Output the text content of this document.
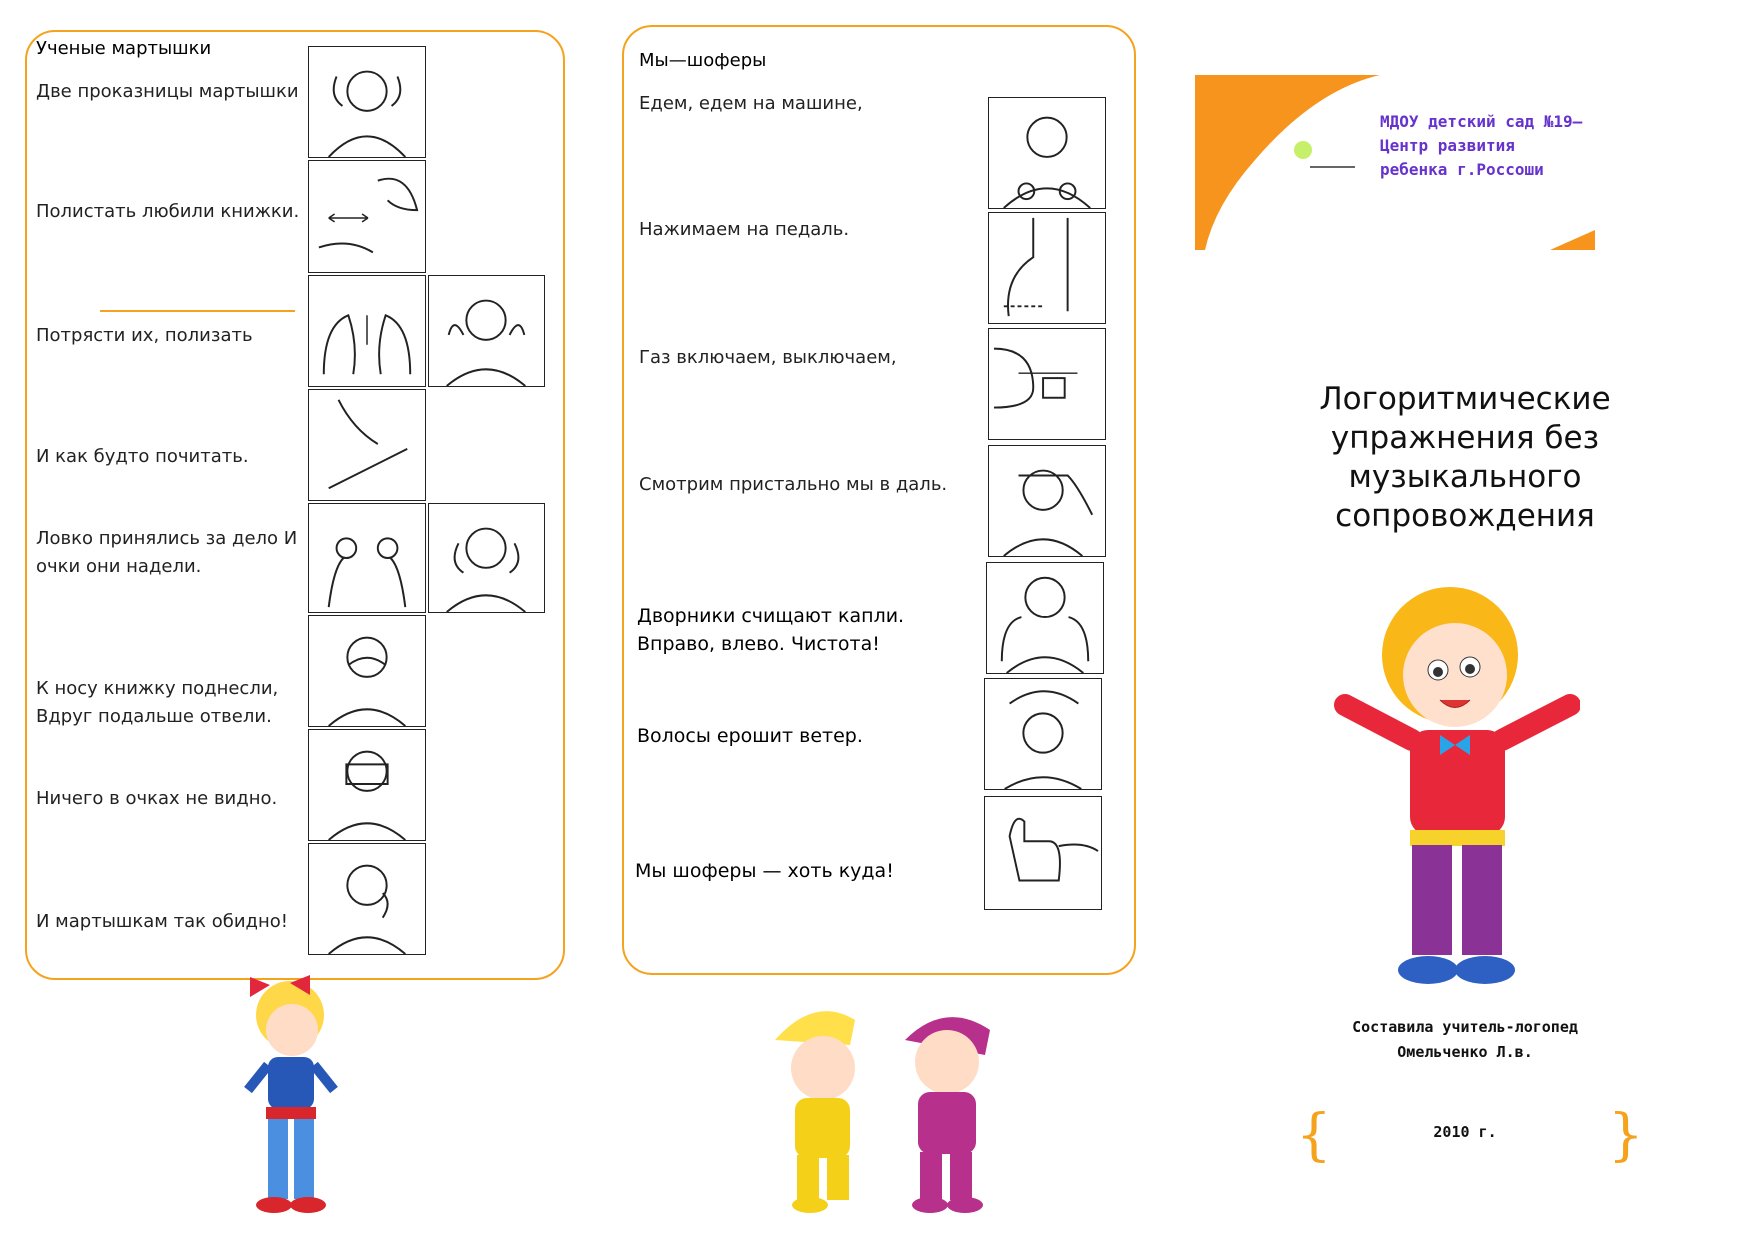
Ученые мартышки
Две проказницы мартышки
Полистать любили книжки.
Потрясти их, полизать
И как будто почитать.
Ловко принялись за дело И
очки они надели.
К носу книжку поднесли,
Вдруг подальше отвели.
Ничего в очках не видно.
И мартышкам так обидно!
Мы—шоферы
Едем, едем на машине,
Нажимаем на педаль.
Газ включаем, выключаем,
Смотрим пристально мы в даль.
Дворники счищают капли.
Вправо, влево. Чистота!
Волосы ерошит ветер.
Мы шоферы — хоть куда!
МДОУ детский сад №19—
Центр развития
ребенка г.Россоши
Логоритмические
упражнения без
музыкального
сопровождения
Составила учитель-логопед
Омельченко Л.в.
{	2010 г.	}
